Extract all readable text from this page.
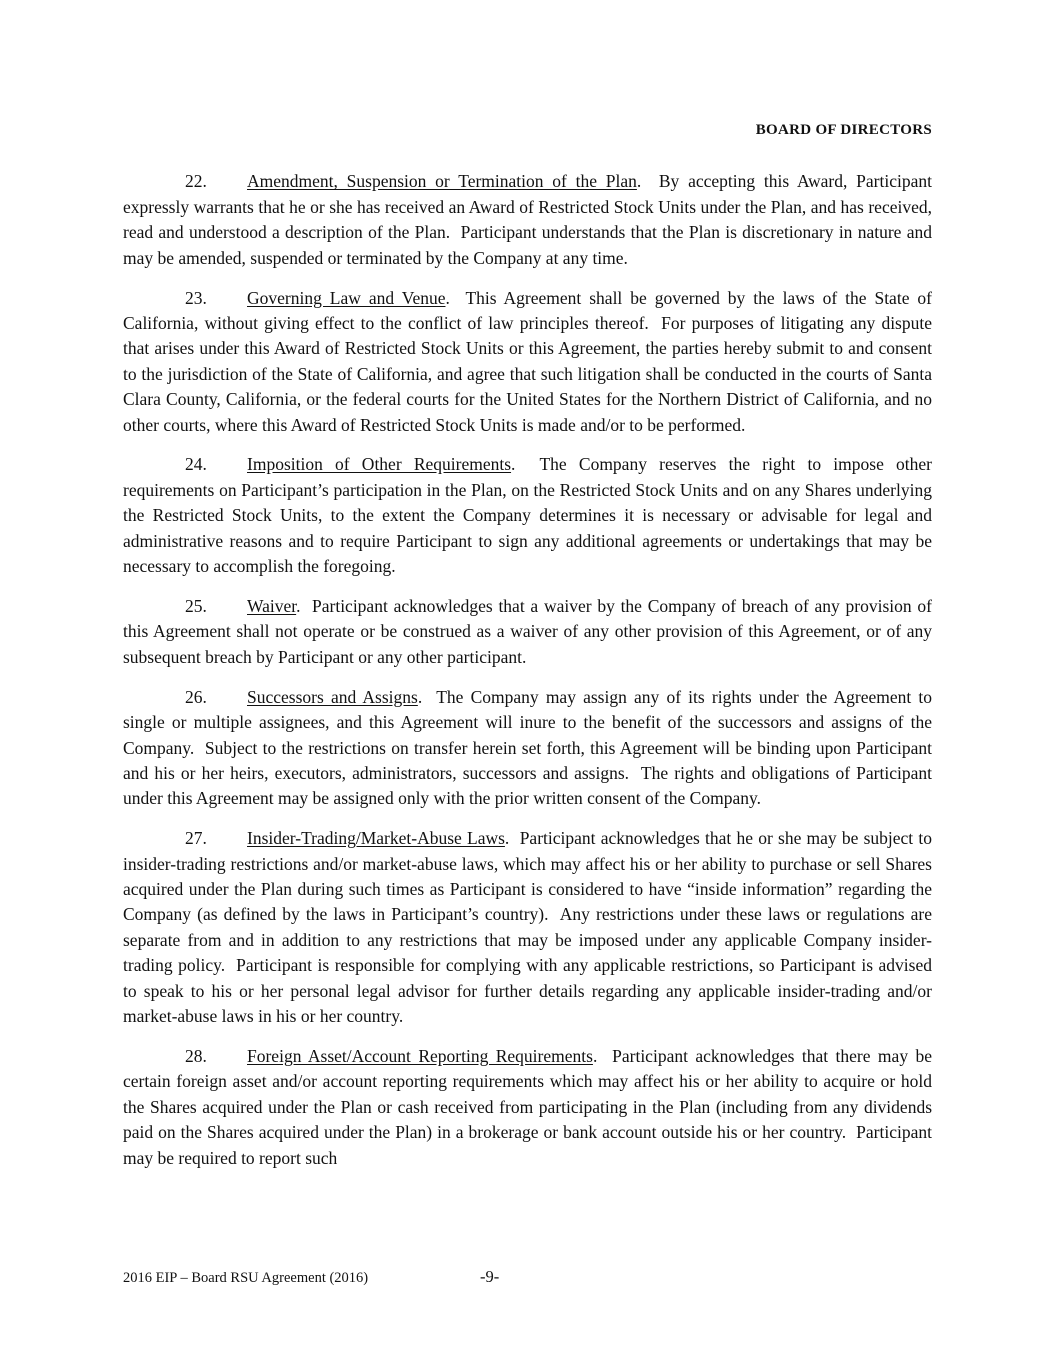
BOARD OF DIRECTORS

22. Amendment, Suspension or Termination of the Plan.  By accepting this Award, Participant expressly warrants that he or she has received an Award of Restricted Stock Units under the Plan, and has received, read and understood a description of the Plan.  Participant understands that the Plan is discretionary in nature and may be amended, suspended or terminated by the Company at any time.

23. Governing Law and Venue.  This Agreement shall be governed by the laws of the State of California, without giving effect to the conflict of law principles thereof.  For purposes of litigating any dispute that arises under this Award of Restricted Stock Units or this Agreement, the parties hereby submit to and consent to the jurisdiction of the State of California, and agree that such litigation shall be conducted in the courts of Santa Clara County, California, or the federal courts for the United States for the Northern District of California, and no other courts, where this Award of Restricted Stock Units is made and/or to be performed.

24. Imposition of Other Requirements.  The Company reserves the right to impose other requirements on Participant’s participation in the Plan, on the Restricted Stock Units and on any Shares underlying the Restricted Stock Units, to the extent the Company determines it is necessary or advisable for legal and administrative reasons and to require Participant to sign any additional agreements or undertakings that may be necessary to accomplish the foregoing.

25. Waiver.  Participant acknowledges that a waiver by the Company of breach of any provision of this Agreement shall not operate or be construed as a waiver of any other provision of this Agreement, or of any subsequent breach by Participant or any other participant.

26. Successors and Assigns.  The Company may assign any of its rights under the Agreement to single or multiple assignees, and this Agreement will inure to the benefit of the successors and assigns of the Company.  Subject to the restrictions on transfer herein set forth, this Agreement will be binding upon Participant and his or her heirs, executors, administrators, successors and assigns.  The rights and obligations of Participant under this Agreement may be assigned only with the prior written consent of the Company.

27. Insider-Trading/Market-Abuse Laws.  Participant acknowledges that he or she may be subject to insider-trading restrictions and/or market-abuse laws, which may affect his or her ability to purchase or sell Shares acquired under the Plan during such times as Participant is considered to have “inside information” regarding the Company (as defined by the laws in Participant’s country).  Any restrictions under these laws or regulations are separate from and in addition to any restrictions that may be imposed under any applicable Company insider-trading policy.  Participant is responsible for complying with any applicable restrictions, so Participant is advised to speak to his or her personal legal advisor for further details regarding any applicable insider-trading and/or market-abuse laws in his or her country.

28. Foreign Asset/Account Reporting Requirements.  Participant acknowledges that there may be certain foreign asset and/or account reporting requirements which may affect his or her ability to acquire or hold the Shares acquired under the Plan or cash received from participating in the Plan (including from any dividends paid on the Shares acquired under the Plan) in a brokerage or bank account outside his or her country.  Participant may be required to report such

2016 EIP – Board RSU Agreement (2016)	-9-
